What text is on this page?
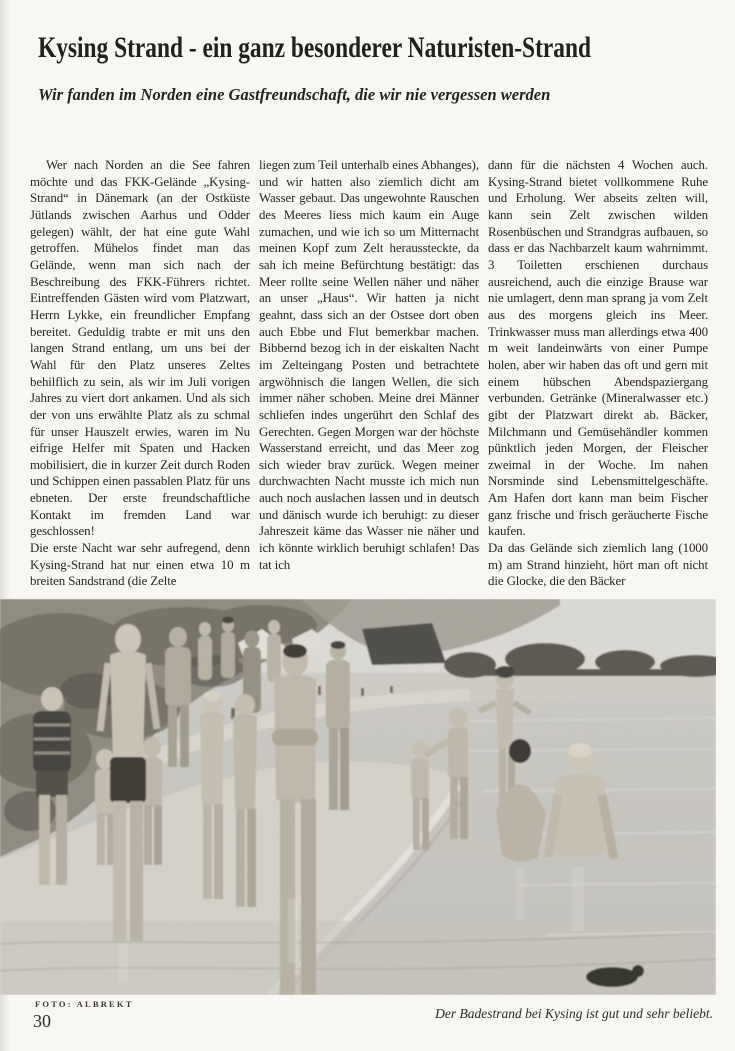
Kysing Strand - ein ganz besonderer Naturisten-Strand
Wir fanden im Norden eine Gastfreundschaft, die wir nie vergessen werden

Wer nach Norden an die See fahren möchte und das FKK-Gelände „Kysing-Strand“ in Dänemark (an der Ostküste Jütlands zwischen Aarhus und Odder gelegen) wählt, der hat eine gute Wahl getroffen. Mühelos findet man das Gelände, wenn man sich nach der Beschreibung des FKK-Führers richtet. Eintreffenden Gästen wird vom Platzwart, Herrn Lykke, ein freundlicher Empfang bereitet. Geduldig trabte er mit uns den langen Strand entlang, um uns bei der Wahl für den Platz unseres Zeltes behilflich zu sein, als wir im Juli vorigen Jahres zu viert dort ankamen. Und als sich der von uns erwählte Platz als zu schmal für unser Hauszelt erwies, waren im Nu eifrige Helfer mit Spaten und Hacken mobilisiert, die in kurzer Zeit durch Roden und Schippen einen passablen Platz für uns ebneten. Der erste freundschaftliche Kontakt im fremden Land war geschlossen!

Die erste Nacht war sehr aufregend, denn Kysing-Strand hat nur einen etwa 10 m breiten Sandstrand (die Zelte

liegen zum Teil unterhalb eines Abhanges), und wir hatten also ziemlich dicht am Wasser gebaut. Das ungewohnte Rauschen des Meeres liess mich kaum ein Auge zumachen, und wie ich so um Mitternacht meinen Kopf zum Zelt heraussteckte, da sah ich meine Befürchtung bestätigt: das Meer rollte seine Wellen näher und näher an unser „Haus“. Wir hatten ja nicht geahnt, dass sich an der Ostsee dort oben auch Ebbe und Flut bemerkbar machen. Bibbernd bezog ich in der eiskalten Nacht im Zelteingang Posten und betrachtete argwöhnisch die langen Wellen, die sich immer näher schoben. Meine drei Männer schliefen indes ungerührt den Schlaf des Gerechten. Gegen Morgen war der höchste Wasserstand erreicht, und das Meer zog sich wieder brav zurück. Wegen meiner durchwachten Nacht musste ich mich nun auch noch auslachen lassen und in deutsch und dänisch wurde ich beruhigt: zu dieser Jahreszeit käme das Wasser nie näher und ich könnte wirklich beruhigt schlafen! Das tat ich

dann für die nächsten 4 Wochen auch. Kysing-Strand bietet vollkommene Ruhe und Erholung. Wer abseits zelten will, kann sein Zelt zwischen wilden Rosenbüschen und Strandgras aufbauen, so dass er das Nachbarzelt kaum wahrnimmt. 3 Toiletten erschienen durchaus ausreichend, auch die einzige Brause war nie umlagert, denn man sprang ja vom Zelt aus des morgens gleich ins Meer. Trinkwasser muss man allerdings etwa 400 m weit landeinwärts von einer Pumpe holen, aber wir haben das oft und gern mit einem hübschen Abendspaziergang verbunden. Getränke (Mineralwasser etc.) gibt der Platzwart direkt ab. Bäcker, Milchmann und Gemüsehändler kommen pünktlich jeden Morgen, der Fleischer zweimal in der Woche. Im nahen Norsminde sind Lebensmittelgeschäfte. Am Hafen dort kann man beim Fischer ganz frische und frisch geräucherte Fische kaufen.

Da das Gelände sich ziemlich lang (1000 m) am Strand hinzieht, hört man oft nicht die Glocke, die den Bäcker

FOTO: ALBREKT
30	Der Badestrand bei Kysing ist gut und sehr beliebt.
